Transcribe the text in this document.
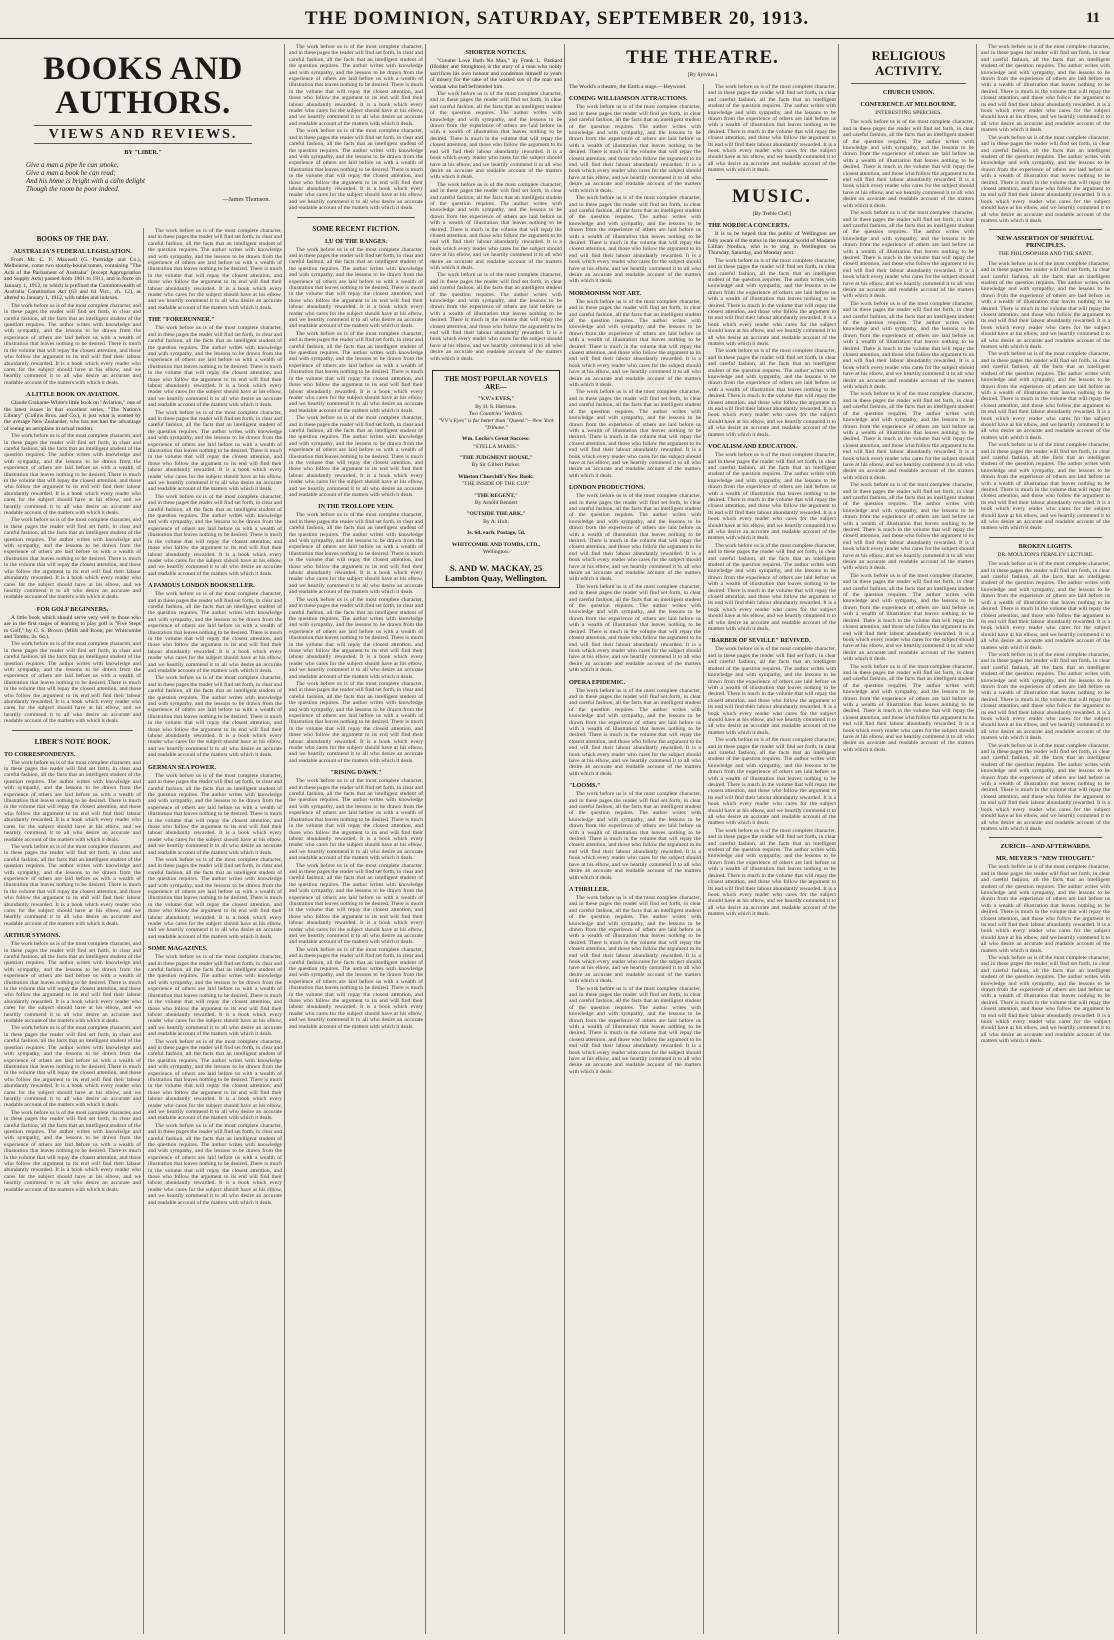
THE DOMINION, SATURDAY, SEPTEMBER 20, 1913.	11
BOOKS AND AUTHORS.
VIEWS AND REVIEWS.
BY "LIBER."
Give a man a pipe he can smoke,
Give a man a book he can read;
And his home is bright with a calm delight
Though the room be poor indeed.
—James Thomson.
BOOKS OF THE DAY.
AUSTRALIA'S FEDERAL LEGISLATION.

From Mr. C. F. Maxwell (G. Partridge and Co.), Melbourne, come two stoutly-bound tomes, containing "The Acts of the Parliament of Australia" (except Appropriation and Supply Acts) passed from 1901 to 1911, and in force on January 1, 1912, to which is prefixed the Commonwealth of Australia Constitution Act (63 and 64 Vict., ch. 12), as altered to January 1, 1912, with tables and indexes.

The work before us is of the most complete character, and in these pages the reader will find set forth, in clear and careful fashion, all the facts that an intelligent student of the question requires. The author writes with knowledge and with sympathy, and the lessons to be drawn from the experience of others are laid before us with a wealth of illustration that leaves nothing to be desired. There is much in the volume that will repay the closest attention, and those who follow the argument to its end will find their labour abundantly rewarded. It is a book which every reader who cares for the subject should have at his elbow, and we heartily commend it to all who desire an accurate and readable account of the matters with which it deals.

A LITTLE BOOK ON AVIATION.

Claude Grahame-White's little book on "Aviation," one of the latest issues in that excellent series, "The Nation's Library" (Collins Bros. and Co.), is just what is wanted by the average New Zealander, who has not had the advantage of seeing an aeroplane in actual motion.

The work before us is of the most complete character, and in these pages the reader will find set forth, in clear and careful fashion, all the facts that an intelligent student of the question requires. The author writes with knowledge and with sympathy, and the lessons to be drawn from the experience of others are laid before us with a wealth of illustration that leaves nothing to be desired. There is much in the volume that will repay the closest attention, and those who follow the argument to its end will find their labour abundantly rewarded. It is a book which every reader who cares for the subject should have at his elbow, and we heartily commend it to all who desire an accurate and readable account of the matters with which it deals.

The work before us is of the most complete character, and in these pages the reader will find set forth, in clear and careful fashion, all the facts that an intelligent student of the question requires. The author writes with knowledge and with sympathy, and the lessons to be drawn from the experience of others are laid before us with a wealth of illustration that leaves nothing to be desired. There is much in the volume that will repay the closest attention, and those who follow the argument to its end will find their labour abundantly rewarded. It is a book which every reader who cares for the subject should have at his elbow, and we heartily commend it to all who desire an accurate and readable account of the matters with which it deals.

FOR GOLF BEGINNERS.

A little book which should serve very well to those who are in the first stages of learning to play golf is "Five Steps to Golf," by G. S. Brown (Mills and Boon; per Whitcombe and Tombs, 2s. 6d.).

The work before us is of the most complete character, and in these pages the reader will find set forth, in clear and careful fashion, all the facts that an intelligent student of the question requires. The author writes with knowledge and with sympathy, and the lessons to be drawn from the experience of others are laid before us with a wealth of illustration that leaves nothing to be desired. There is much in the volume that will repay the closest attention, and those who follow the argument to its end will find their labour abundantly rewarded. It is a book which every reader who cares for the subject should have at his elbow, and we heartily commend it to all who desire an accurate and readable account of the matters with which it deals.

LIBER'S NOTE BOOK.
TO CORRESPONDENTS.

The work before us is of the most complete character, and in these pages the reader will find set forth, in clear and careful fashion, all the facts that an intelligent student of the question requires. The author writes with knowledge and with sympathy, and the lessons to be drawn from the experience of others are laid before us with a wealth of illustration that leaves nothing to be desired. There is much in the volume that will repay the closest attention, and those who follow the argument to its end will find their labour abundantly rewarded. It is a book which every reader who cares for the subject should have at his elbow, and we heartily commend it to all who desire an accurate and readable account of the matters with which it deals.

The work before us is of the most complete character, and in these pages the reader will find set forth, in clear and careful fashion, all the facts that an intelligent student of the question requires. The author writes with knowledge and with sympathy, and the lessons to be drawn from the experience of others are laid before us with a wealth of illustration that leaves nothing to be desired. There is much in the volume that will repay the closest attention, and those who follow the argument to its end will find their labour abundantly rewarded. It is a book which every reader who cares for the subject should have at his elbow, and we heartily commend it to all who desire an accurate and readable account of the matters with which it deals.

ARTHUR SYMONS.

The work before us is of the most complete character, and in these pages the reader will find set forth, in clear and careful fashion, all the facts that an intelligent student of the question requires. The author writes with knowledge and with sympathy, and the lessons to be drawn from the experience of others are laid before us with a wealth of illustration that leaves nothing to be desired. There is much in the volume that will repay the closest attention, and those who follow the argument to its end will find their labour abundantly rewarded. It is a book which every reader who cares for the subject should have at his elbow, and we heartily commend it to all who desire an accurate and readable account of the matters with which it deals.

The work before us is of the most complete character, and in these pages the reader will find set forth, in clear and careful fashion, all the facts that an intelligent student of the question requires. The author writes with knowledge and with sympathy, and the lessons to be drawn from the experience of others are laid before us with a wealth of illustration that leaves nothing to be desired. There is much in the volume that will repay the closest attention, and those who follow the argument to its end will find their labour abundantly rewarded. It is a book which every reader who cares for the subject should have at his elbow, and we heartily commend it to all who desire an accurate and readable account of the matters with which it deals.

The work before us is of the most complete character, and in these pages the reader will find set forth, in clear and careful fashion, all the facts that an intelligent student of the question requires. The author writes with knowledge and with sympathy, and the lessons to be drawn from the experience of others are laid before us with a wealth of illustration that leaves nothing to be desired. There is much in the volume that will repay the closest attention, and those who follow the argument to its end will find their labour abundantly rewarded. It is a book which every reader who cares for the subject should have at his elbow, and we heartily commend it to all who desire an accurate and readable account of the matters with which it deals.

The work before us is of the most complete character, and in these pages the reader will find set forth, in clear and careful fashion, all the facts that an intelligent student of the question requires. The author writes with knowledge and with sympathy, and the lessons to be drawn from the experience of others are laid before us with a wealth of illustration that leaves nothing to be desired. There is much in the volume that will repay the closest attention, and those who follow the argument to its end will find their labour abundantly rewarded. It is a book which every reader who cares for the subject should have at his elbow, and we heartily commend it to all who desire an accurate and readable account of the matters with which it deals.

THE "FORERUNNER."

The work before us is of the most complete character, and in these pages the reader will find set forth, in clear and careful fashion, all the facts that an intelligent student of the question requires. The author writes with knowledge and with sympathy, and the lessons to be drawn from the experience of others are laid before us with a wealth of illustration that leaves nothing to be desired. There is much in the volume that will repay the closest attention, and those who follow the argument to its end will find their labour abundantly rewarded. It is a book which every reader who cares for the subject should have at his elbow, and we heartily commend it to all who desire an accurate and readable account of the matters with which it deals.

The work before us is of the most complete character, and in these pages the reader will find set forth, in clear and careful fashion, all the facts that an intelligent student of the question requires. The author writes with knowledge and with sympathy, and the lessons to be drawn from the experience of others are laid before us with a wealth of illustration that leaves nothing to be desired. There is much in the volume that will repay the closest attention, and those who follow the argument to its end will find their labour abundantly rewarded. It is a book which every reader who cares for the subject should have at his elbow, and we heartily commend it to all who desire an accurate and readable account of the matters with which it deals.

The work before us is of the most complete character, and in these pages the reader will find set forth, in clear and careful fashion, all the facts that an intelligent student of the question requires. The author writes with knowledge and with sympathy, and the lessons to be drawn from the experience of others are laid before us with a wealth of illustration that leaves nothing to be desired. There is much in the volume that will repay the closest attention, and those who follow the argument to its end will find their labour abundantly rewarded. It is a book which every reader who cares for the subject should have at his elbow, and we heartily commend it to all who desire an accurate and readable account of the matters with which it deals.

A FAMOUS LONDON BOOKSELLER.

The work before us is of the most complete character, and in these pages the reader will find set forth, in clear and careful fashion, all the facts that an intelligent student of the question requires. The author writes with knowledge and with sympathy, and the lessons to be drawn from the experience of others are laid before us with a wealth of illustration that leaves nothing to be desired. There is much in the volume that will repay the closest attention, and those who follow the argument to its end will find their labour abundantly rewarded. It is a book which every reader who cares for the subject should have at his elbow, and we heartily commend it to all who desire an accurate and readable account of the matters with which it deals.

The work before us is of the most complete character, and in these pages the reader will find set forth, in clear and careful fashion, all the facts that an intelligent student of the question requires. The author writes with knowledge and with sympathy, and the lessons to be drawn from the experience of others are laid before us with a wealth of illustration that leaves nothing to be desired. There is much in the volume that will repay the closest attention, and those who follow the argument to its end will find their labour abundantly rewarded. It is a book which every reader who cares for the subject should have at his elbow, and we heartily commend it to all who desire an accurate and readable account of the matters with which it deals.

GERMAN SEA POWER.

The work before us is of the most complete character, and in these pages the reader will find set forth, in clear and careful fashion, all the facts that an intelligent student of the question requires. The author writes with knowledge and with sympathy, and the lessons to be drawn from the experience of others are laid before us with a wealth of illustration that leaves nothing to be desired. There is much in the volume that will repay the closest attention, and those who follow the argument to its end will find their labour abundantly rewarded. It is a book which every reader who cares for the subject should have at his elbow, and we heartily commend it to all who desire an accurate and readable account of the matters with which it deals.

The work before us is of the most complete character, and in these pages the reader will find set forth, in clear and careful fashion, all the facts that an intelligent student of the question requires. The author writes with knowledge and with sympathy, and the lessons to be drawn from the experience of others are laid before us with a wealth of illustration that leaves nothing to be desired. There is much in the volume that will repay the closest attention, and those who follow the argument to its end will find their labour abundantly rewarded. It is a book which every reader who cares for the subject should have at his elbow, and we heartily commend it to all who desire an accurate and readable account of the matters with which it deals.

SOME MAGAZINES.

The work before us is of the most complete character, and in these pages the reader will find set forth, in clear and careful fashion, all the facts that an intelligent student of the question requires. The author writes with knowledge and with sympathy, and the lessons to be drawn from the experience of others are laid before us with a wealth of illustration that leaves nothing to be desired. There is much in the volume that will repay the closest attention, and those who follow the argument to its end will find their labour abundantly rewarded. It is a book which every reader who cares for the subject should have at his elbow, and we heartily commend it to all who desire an accurate and readable account of the matters with which it deals.

The work before us is of the most complete character, and in these pages the reader will find set forth, in clear and careful fashion, all the facts that an intelligent student of the question requires. The author writes with knowledge and with sympathy, and the lessons to be drawn from the experience of others are laid before us with a wealth of illustration that leaves nothing to be desired. There is much in the volume that will repay the closest attention, and those who follow the argument to its end will find their labour abundantly rewarded. It is a book which every reader who cares for the subject should have at his elbow, and we heartily commend it to all who desire an accurate and readable account of the matters with which it deals.

The work before us is of the most complete character, and in these pages the reader will find set forth, in clear and careful fashion, all the facts that an intelligent student of the question requires. The author writes with knowledge and with sympathy, and the lessons to be drawn from the experience of others are laid before us with a wealth of illustration that leaves nothing to be desired. There is much in the volume that will repay the closest attention, and those who follow the argument to its end will find their labour abundantly rewarded. It is a book which every reader who cares for the subject should have at his elbow, and we heartily commend it to all who desire an accurate and readable account of the matters with which it deals.

The work before us is of the most complete character, and in these pages the reader will find set forth, in clear and careful fashion, all the facts that an intelligent student of the question requires. The author writes with knowledge and with sympathy, and the lessons to be drawn from the experience of others are laid before us with a wealth of illustration that leaves nothing to be desired. There is much in the volume that will repay the closest attention, and those who follow the argument to its end will find their labour abundantly rewarded. It is a book which every reader who cares for the subject should have at his elbow, and we heartily commend it to all who desire an accurate and readable account of the matters with which it deals.

The work before us is of the most complete character, and in these pages the reader will find set forth, in clear and careful fashion, all the facts that an intelligent student of the question requires. The author writes with knowledge and with sympathy, and the lessons to be drawn from the experience of others are laid before us with a wealth of illustration that leaves nothing to be desired. There is much in the volume that will repay the closest attention, and those who follow the argument to its end will find their labour abundantly rewarded. It is a book which every reader who cares for the subject should have at his elbow, and we heartily commend it to all who desire an accurate and readable account of the matters with which it deals.

SOME RECENT FICTION.
LU OF THE RANGES.

The work before us is of the most complete character, and in these pages the reader will find set forth, in clear and careful fashion, all the facts that an intelligent student of the question requires. The author writes with knowledge and with sympathy, and the lessons to be drawn from the experience of others are laid before us with a wealth of illustration that leaves nothing to be desired. There is much in the volume that will repay the closest attention, and those who follow the argument to its end will find their labour abundantly rewarded. It is a book which every reader who cares for the subject should have at his elbow, and we heartily commend it to all who desire an accurate and readable account of the matters with which it deals.

The work before us is of the most complete character, and in these pages the reader will find set forth, in clear and careful fashion, all the facts that an intelligent student of the question requires. The author writes with knowledge and with sympathy, and the lessons to be drawn from the experience of others are laid before us with a wealth of illustration that leaves nothing to be desired. There is much in the volume that will repay the closest attention, and those who follow the argument to its end will find their labour abundantly rewarded. It is a book which every reader who cares for the subject should have at his elbow, and we heartily commend it to all who desire an accurate and readable account of the matters with which it deals.

The work before us is of the most complete character, and in these pages the reader will find set forth, in clear and careful fashion, all the facts that an intelligent student of the question requires. The author writes with knowledge and with sympathy, and the lessons to be drawn from the experience of others are laid before us with a wealth of illustration that leaves nothing to be desired. There is much in the volume that will repay the closest attention, and those who follow the argument to its end will find their labour abundantly rewarded. It is a book which every reader who cares for the subject should have at his elbow, and we heartily commend it to all who desire an accurate and readable account of the matters with which it deals.

IN THE TROLLOPE VEIN.

The work before us is of the most complete character, and in these pages the reader will find set forth, in clear and careful fashion, all the facts that an intelligent student of the question requires. The author writes with knowledge and with sympathy, and the lessons to be drawn from the experience of others are laid before us with a wealth of illustration that leaves nothing to be desired. There is much in the volume that will repay the closest attention, and those who follow the argument to its end will find their labour abundantly rewarded. It is a book which every reader who cares for the subject should have at his elbow, and we heartily commend it to all who desire an accurate and readable account of the matters with which it deals.

The work before us is of the most complete character, and in these pages the reader will find set forth, in clear and careful fashion, all the facts that an intelligent student of the question requires. The author writes with knowledge and with sympathy, and the lessons to be drawn from the experience of others are laid before us with a wealth of illustration that leaves nothing to be desired. There is much in the volume that will repay the closest attention, and those who follow the argument to its end will find their labour abundantly rewarded. It is a book which every reader who cares for the subject should have at his elbow, and we heartily commend it to all who desire an accurate and readable account of the matters with which it deals.

The work before us is of the most complete character, and in these pages the reader will find set forth, in clear and careful fashion, all the facts that an intelligent student of the question requires. The author writes with knowledge and with sympathy, and the lessons to be drawn from the experience of others are laid before us with a wealth of illustration that leaves nothing to be desired. There is much in the volume that will repay the closest attention, and those who follow the argument to its end will find their labour abundantly rewarded. It is a book which every reader who cares for the subject should have at his elbow, and we heartily commend it to all who desire an accurate and readable account of the matters with which it deals.

"RISING DAWN."

The work before us is of the most complete character, and in these pages the reader will find set forth, in clear and careful fashion, all the facts that an intelligent student of the question requires. The author writes with knowledge and with sympathy, and the lessons to be drawn from the experience of others are laid before us with a wealth of illustration that leaves nothing to be desired. There is much in the volume that will repay the closest attention, and those who follow the argument to its end will find their labour abundantly rewarded. It is a book which every reader who cares for the subject should have at his elbow, and we heartily commend it to all who desire an accurate and readable account of the matters with which it deals.

The work before us is of the most complete character, and in these pages the reader will find set forth, in clear and careful fashion, all the facts that an intelligent student of the question requires. The author writes with knowledge and with sympathy, and the lessons to be drawn from the experience of others are laid before us with a wealth of illustration that leaves nothing to be desired. There is much in the volume that will repay the closest attention, and those who follow the argument to its end will find their labour abundantly rewarded. It is a book which every reader who cares for the subject should have at his elbow, and we heartily commend it to all who desire an accurate and readable account of the matters with which it deals.

The work before us is of the most complete character, and in these pages the reader will find set forth, in clear and careful fashion, all the facts that an intelligent student of the question requires. The author writes with knowledge and with sympathy, and the lessons to be drawn from the experience of others are laid before us with a wealth of illustration that leaves nothing to be desired. There is much in the volume that will repay the closest attention, and those who follow the argument to its end will find their labour abundantly rewarded. It is a book which every reader who cares for the subject should have at his elbow, and we heartily commend it to all who desire an accurate and readable account of the matters with which it deals.

SHORTER NOTICES.

"Greater Love Hath No Man," by Frank L. Packard (Hodder and Stoughton) is the story of a man who nobly sacrifices his own honour and condemns himself to years of misery for the sake of the wasted son of the man and woman who had befriended him.

The work before us is of the most complete character, and in these pages the reader will find set forth, in clear and careful fashion, all the facts that an intelligent student of the question requires. The author writes with knowledge and with sympathy, and the lessons to be drawn from the experience of others are laid before us with a wealth of illustration that leaves nothing to be desired. There is much in the volume that will repay the closest attention, and those who follow the argument to its end will find their labour abundantly rewarded. It is a book which every reader who cares for the subject should have at his elbow, and we heartily commend it to all who desire an accurate and readable account of the matters with which it deals.

The work before us is of the most complete character, and in these pages the reader will find set forth, in clear and careful fashion, all the facts that an intelligent student of the question requires. The author writes with knowledge and with sympathy, and the lessons to be drawn from the experience of others are laid before us with a wealth of illustration that leaves nothing to be desired. There is much in the volume that will repay the closest attention, and those who follow the argument to its end will find their labour abundantly rewarded. It is a book which every reader who cares for the subject should have at his elbow, and we heartily commend it to all who desire an accurate and readable account of the matters with which it deals.

The work before us is of the most complete character, and in these pages the reader will find set forth, in clear and careful fashion, all the facts that an intelligent student of the question requires. The author writes with knowledge and with sympathy, and the lessons to be drawn from the experience of others are laid before us with a wealth of illustration that leaves nothing to be desired. There is much in the volume that will repay the closest attention, and those who follow the argument to its end will find their labour abundantly rewarded. It is a book which every reader who cares for the subject should have at his elbow, and we heartily commend it to all who desire an accurate and readable account of the matters with which it deals.

THE MOST POPULAR NOVELS ARE—
"V.V.'s EYES,"
By H. S. Harrison.
Two Countries' Verdicts.
"V.V.'s Eyes" is far better than "Queed."—New York "Tribune."
Wm. Locke's Great Success:
"STELLA MARIS."
"THE JUDGMENT HOUSE,"
By Sir Gilbert Parker.
Winston Churchill's New Book:
"THE INSIDE OF THE CUP."
"THE REGENT,"
By Arnold Bennett
"OUTSIDE THE ARK,"
By A. Holt.
3s. 6d. each. Postage, 5d.
WHITCOMBE AND TOMBS, LTD.,
Wellington.
S. AND W. MACKAY, 25 Lambton Quay, Wellington.
THE THEATRE.
[By Sylvius.]

The World's a theatre, the Earth a stage.—Heywood.

COMING WILLIAMSON ATTRACTIONS.

The work before us is of the most complete character, and in these pages the reader will find set forth, in clear and careful fashion, all the facts that an intelligent student of the question requires. The author writes with knowledge and with sympathy, and the lessons to be drawn from the experience of others are laid before us with a wealth of illustration that leaves nothing to be desired. There is much in the volume that will repay the closest attention, and those who follow the argument to its end will find their labour abundantly rewarded. It is a book which every reader who cares for the subject should have at his elbow, and we heartily commend it to all who desire an accurate and readable account of the matters with which it deals.

The work before us is of the most complete character, and in these pages the reader will find set forth, in clear and careful fashion, all the facts that an intelligent student of the question requires. The author writes with knowledge and with sympathy, and the lessons to be drawn from the experience of others are laid before us with a wealth of illustration that leaves nothing to be desired. There is much in the volume that will repay the closest attention, and those who follow the argument to its end will find their labour abundantly rewarded. It is a book which every reader who cares for the subject should have at his elbow, and we heartily commend it to all who desire an accurate and readable account of the matters with which it deals.

MORMONISM NOT ART.

The work before us is of the most complete character, and in these pages the reader will find set forth, in clear and careful fashion, all the facts that an intelligent student of the question requires. The author writes with knowledge and with sympathy, and the lessons to be drawn from the experience of others are laid before us with a wealth of illustration that leaves nothing to be desired. There is much in the volume that will repay the closest attention, and those who follow the argument to its end will find their labour abundantly rewarded. It is a book which every reader who cares for the subject should have at his elbow, and we heartily commend it to all who desire an accurate and readable account of the matters with which it deals.

The work before us is of the most complete character, and in these pages the reader will find set forth, in clear and careful fashion, all the facts that an intelligent student of the question requires. The author writes with knowledge and with sympathy, and the lessons to be drawn from the experience of others are laid before us with a wealth of illustration that leaves nothing to be desired. There is much in the volume that will repay the closest attention, and those who follow the argument to its end will find their labour abundantly rewarded. It is a book which every reader who cares for the subject should have at his elbow, and we heartily commend it to all who desire an accurate and readable account of the matters with which it deals.

LONDON PRODUCTIONS.

The work before us is of the most complete character, and in these pages the reader will find set forth, in clear and careful fashion, all the facts that an intelligent student of the question requires. The author writes with knowledge and with sympathy, and the lessons to be drawn from the experience of others are laid before us with a wealth of illustration that leaves nothing to be desired. There is much in the volume that will repay the closest attention, and those who follow the argument to its end will find their labour abundantly rewarded. It is a book which every reader who cares for the subject should have at his elbow, and we heartily commend it to all who desire an accurate and readable account of the matters with which it deals.

The work before us is of the most complete character, and in these pages the reader will find set forth, in clear and careful fashion, all the facts that an intelligent student of the question requires. The author writes with knowledge and with sympathy, and the lessons to be drawn from the experience of others are laid before us with a wealth of illustration that leaves nothing to be desired. There is much in the volume that will repay the closest attention, and those who follow the argument to its end will find their labour abundantly rewarded. It is a book which every reader who cares for the subject should have at his elbow, and we heartily commend it to all who desire an accurate and readable account of the matters with which it deals.

OPERA EPIDEMIC.

The work before us is of the most complete character, and in these pages the reader will find set forth, in clear and careful fashion, all the facts that an intelligent student of the question requires. The author writes with knowledge and with sympathy, and the lessons to be drawn from the experience of others are laid before us with a wealth of illustration that leaves nothing to be desired. There is much in the volume that will repay the closest attention, and those who follow the argument to its end will find their labour abundantly rewarded. It is a book which every reader who cares for the subject should have at his elbow, and we heartily commend it to all who desire an accurate and readable account of the matters with which it deals.

"LOOMS."

The work before us is of the most complete character, and in these pages the reader will find set forth, in clear and careful fashion, all the facts that an intelligent student of the question requires. The author writes with knowledge and with sympathy, and the lessons to be drawn from the experience of others are laid before us with a wealth of illustration that leaves nothing to be desired. There is much in the volume that will repay the closest attention, and those who follow the argument to its end will find their labour abundantly rewarded. It is a book which every reader who cares for the subject should have at his elbow, and we heartily commend it to all who desire an accurate and readable account of the matters with which it deals.

A THRILLER.

The work before us is of the most complete character, and in these pages the reader will find set forth, in clear and careful fashion, all the facts that an intelligent student of the question requires. The author writes with knowledge and with sympathy, and the lessons to be drawn from the experience of others are laid before us with a wealth of illustration that leaves nothing to be desired. There is much in the volume that will repay the closest attention, and those who follow the argument to its end will find their labour abundantly rewarded. It is a book which every reader who cares for the subject should have at his elbow, and we heartily commend it to all who desire an accurate and readable account of the matters with which it deals.

The work before us is of the most complete character, and in these pages the reader will find set forth, in clear and careful fashion, all the facts that an intelligent student of the question requires. The author writes with knowledge and with sympathy, and the lessons to be drawn from the experience of others are laid before us with a wealth of illustration that leaves nothing to be desired. There is much in the volume that will repay the closest attention, and those who follow the argument to its end will find their labour abundantly rewarded. It is a book which every reader who cares for the subject should have at his elbow, and we heartily commend it to all who desire an accurate and readable account of the matters with which it deals.

The work before us is of the most complete character, and in these pages the reader will find set forth, in clear and careful fashion, all the facts that an intelligent student of the question requires. The author writes with knowledge and with sympathy, and the lessons to be drawn from the experience of others are laid before us with a wealth of illustration that leaves nothing to be desired. There is much in the volume that will repay the closest attention, and those who follow the argument to its end will find their labour abundantly rewarded. It is a book which every reader who cares for the subject should have at his elbow, and we heartily commend it to all who desire an accurate and readable account of the matters with which it deals.

MUSIC.
[By Treble Clef.]
THE NORDICA CONCERTS.

It is to be hoped that the public of Wellington are fully aware of the status in the musical world of Madame Lillian Nordica, who is to sing in Wellington on Thursday, Saturday, and Monday next.

The work before us is of the most complete character, and in these pages the reader will find set forth, in clear and careful fashion, all the facts that an intelligent student of the question requires. The author writes with knowledge and with sympathy, and the lessons to be drawn from the experience of others are laid before us with a wealth of illustration that leaves nothing to be desired. There is much in the volume that will repay the closest attention, and those who follow the argument to its end will find their labour abundantly rewarded. It is a book which every reader who cares for the subject should have at his elbow, and we heartily commend it to all who desire an accurate and readable account of the matters with which it deals.

The work before us is of the most complete character, and in these pages the reader will find set forth, in clear and careful fashion, all the facts that an intelligent student of the question requires. The author writes with knowledge and with sympathy, and the lessons to be drawn from the experience of others are laid before us with a wealth of illustration that leaves nothing to be desired. There is much in the volume that will repay the closest attention, and those who follow the argument to its end will find their labour abundantly rewarded. It is a book which every reader who cares for the subject should have at his elbow, and we heartily commend it to all who desire an accurate and readable account of the matters with which it deals.

VOCALISM AND EDUCATION.

The work before us is of the most complete character, and in these pages the reader will find set forth, in clear and careful fashion, all the facts that an intelligent student of the question requires. The author writes with knowledge and with sympathy, and the lessons to be drawn from the experience of others are laid before us with a wealth of illustration that leaves nothing to be desired. There is much in the volume that will repay the closest attention, and those who follow the argument to its end will find their labour abundantly rewarded. It is a book which every reader who cares for the subject should have at his elbow, and we heartily commend it to all who desire an accurate and readable account of the matters with which it deals.

The work before us is of the most complete character, and in these pages the reader will find set forth, in clear and careful fashion, all the facts that an intelligent student of the question requires. The author writes with knowledge and with sympathy, and the lessons to be drawn from the experience of others are laid before us with a wealth of illustration that leaves nothing to be desired. There is much in the volume that will repay the closest attention, and those who follow the argument to its end will find their labour abundantly rewarded. It is a book which every reader who cares for the subject should have at his elbow, and we heartily commend it to all who desire an accurate and readable account of the matters with which it deals.

"BARBER OF SEVILLE" REVIVED.

The work before us is of the most complete character, and in these pages the reader will find set forth, in clear and careful fashion, all the facts that an intelligent student of the question requires. The author writes with knowledge and with sympathy, and the lessons to be drawn from the experience of others are laid before us with a wealth of illustration that leaves nothing to be desired. There is much in the volume that will repay the closest attention, and those who follow the argument to its end will find their labour abundantly rewarded. It is a book which every reader who cares for the subject should have at his elbow, and we heartily commend it to all who desire an accurate and readable account of the matters with which it deals.

The work before us is of the most complete character, and in these pages the reader will find set forth, in clear and careful fashion, all the facts that an intelligent student of the question requires. The author writes with knowledge and with sympathy, and the lessons to be drawn from the experience of others are laid before us with a wealth of illustration that leaves nothing to be desired. There is much in the volume that will repay the closest attention, and those who follow the argument to its end will find their labour abundantly rewarded. It is a book which every reader who cares for the subject should have at his elbow, and we heartily commend it to all who desire an accurate and readable account of the matters with which it deals.

The work before us is of the most complete character, and in these pages the reader will find set forth, in clear and careful fashion, all the facts that an intelligent student of the question requires. The author writes with knowledge and with sympathy, and the lessons to be drawn from the experience of others are laid before us with a wealth of illustration that leaves nothing to be desired. There is much in the volume that will repay the closest attention, and those who follow the argument to its end will find their labour abundantly rewarded. It is a book which every reader who cares for the subject should have at his elbow, and we heartily commend it to all who desire an accurate and readable account of the matters with which it deals.

RELIGIOUS ACTIVITY.
CHURCH UNION.
CONFERENCE AT MELBOURNE.
INTERESTING SPEECHES.

The work before us is of the most complete character, and in these pages the reader will find set forth, in clear and careful fashion, all the facts that an intelligent student of the question requires. The author writes with knowledge and with sympathy, and the lessons to be drawn from the experience of others are laid before us with a wealth of illustration that leaves nothing to be desired. There is much in the volume that will repay the closest attention, and those who follow the argument to its end will find their labour abundantly rewarded. It is a book which every reader who cares for the subject should have at his elbow, and we heartily commend it to all who desire an accurate and readable account of the matters with which it deals.

The work before us is of the most complete character, and in these pages the reader will find set forth, in clear and careful fashion, all the facts that an intelligent student of the question requires. The author writes with knowledge and with sympathy, and the lessons to be drawn from the experience of others are laid before us with a wealth of illustration that leaves nothing to be desired. There is much in the volume that will repay the closest attention, and those who follow the argument to its end will find their labour abundantly rewarded. It is a book which every reader who cares for the subject should have at his elbow, and we heartily commend it to all who desire an accurate and readable account of the matters with which it deals.

The work before us is of the most complete character, and in these pages the reader will find set forth, in clear and careful fashion, all the facts that an intelligent student of the question requires. The author writes with knowledge and with sympathy, and the lessons to be drawn from the experience of others are laid before us with a wealth of illustration that leaves nothing to be desired. There is much in the volume that will repay the closest attention, and those who follow the argument to its end will find their labour abundantly rewarded. It is a book which every reader who cares for the subject should have at his elbow, and we heartily commend it to all who desire an accurate and readable account of the matters with which it deals.

The work before us is of the most complete character, and in these pages the reader will find set forth, in clear and careful fashion, all the facts that an intelligent student of the question requires. The author writes with knowledge and with sympathy, and the lessons to be drawn from the experience of others are laid before us with a wealth of illustration that leaves nothing to be desired. There is much in the volume that will repay the closest attention, and those who follow the argument to its end will find their labour abundantly rewarded. It is a book which every reader who cares for the subject should have at his elbow, and we heartily commend it to all who desire an accurate and readable account of the matters with which it deals.

The work before us is of the most complete character, and in these pages the reader will find set forth, in clear and careful fashion, all the facts that an intelligent student of the question requires. The author writes with knowledge and with sympathy, and the lessons to be drawn from the experience of others are laid before us with a wealth of illustration that leaves nothing to be desired. There is much in the volume that will repay the closest attention, and those who follow the argument to its end will find their labour abundantly rewarded. It is a book which every reader who cares for the subject should have at his elbow, and we heartily commend it to all who desire an accurate and readable account of the matters with which it deals.

The work before us is of the most complete character, and in these pages the reader will find set forth, in clear and careful fashion, all the facts that an intelligent student of the question requires. The author writes with knowledge and with sympathy, and the lessons to be drawn from the experience of others are laid before us with a wealth of illustration that leaves nothing to be desired. There is much in the volume that will repay the closest attention, and those who follow the argument to its end will find their labour abundantly rewarded. It is a book which every reader who cares for the subject should have at his elbow, and we heartily commend it to all who desire an accurate and readable account of the matters with which it deals.

The work before us is of the most complete character, and in these pages the reader will find set forth, in clear and careful fashion, all the facts that an intelligent student of the question requires. The author writes with knowledge and with sympathy, and the lessons to be drawn from the experience of others are laid before us with a wealth of illustration that leaves nothing to be desired. There is much in the volume that will repay the closest attention, and those who follow the argument to its end will find their labour abundantly rewarded. It is a book which every reader who cares for the subject should have at his elbow, and we heartily commend it to all who desire an accurate and readable account of the matters with which it deals.

The work before us is of the most complete character, and in these pages the reader will find set forth, in clear and careful fashion, all the facts that an intelligent student of the question requires. The author writes with knowledge and with sympathy, and the lessons to be drawn from the experience of others are laid before us with a wealth of illustration that leaves nothing to be desired. There is much in the volume that will repay the closest attention, and those who follow the argument to its end will find their labour abundantly rewarded. It is a book which every reader who cares for the subject should have at his elbow, and we heartily commend it to all who desire an accurate and readable account of the matters with which it deals.

The work before us is of the most complete character, and in these pages the reader will find set forth, in clear and careful fashion, all the facts that an intelligent student of the question requires. The author writes with knowledge and with sympathy, and the lessons to be drawn from the experience of others are laid before us with a wealth of illustration that leaves nothing to be desired. There is much in the volume that will repay the closest attention, and those who follow the argument to its end will find their labour abundantly rewarded. It is a book which every reader who cares for the subject should have at his elbow, and we heartily commend it to all who desire an accurate and readable account of the matters with which it deals.

NEW ASSERTION OF SPIRITUAL PRINCIPLES.
THE PHILOSOPHER AND THE SAINT.

The work before us is of the most complete character, and in these pages the reader will find set forth, in clear and careful fashion, all the facts that an intelligent student of the question requires. The author writes with knowledge and with sympathy, and the lessons to be drawn from the experience of others are laid before us with a wealth of illustration that leaves nothing to be desired. There is much in the volume that will repay the closest attention, and those who follow the argument to its end will find their labour abundantly rewarded. It is a book which every reader who cares for the subject should have at his elbow, and we heartily commend it to all who desire an accurate and readable account of the matters with which it deals.

The work before us is of the most complete character, and in these pages the reader will find set forth, in clear and careful fashion, all the facts that an intelligent student of the question requires. The author writes with knowledge and with sympathy, and the lessons to be drawn from the experience of others are laid before us with a wealth of illustration that leaves nothing to be desired. There is much in the volume that will repay the closest attention, and those who follow the argument to its end will find their labour abundantly rewarded. It is a book which every reader who cares for the subject should have at his elbow, and we heartily commend it to all who desire an accurate and readable account of the matters with which it deals.

The work before us is of the most complete character, and in these pages the reader will find set forth, in clear and careful fashion, all the facts that an intelligent student of the question requires. The author writes with knowledge and with sympathy, and the lessons to be drawn from the experience of others are laid before us with a wealth of illustration that leaves nothing to be desired. There is much in the volume that will repay the closest attention, and those who follow the argument to its end will find their labour abundantly rewarded. It is a book which every reader who cares for the subject should have at his elbow, and we heartily commend it to all who desire an accurate and readable account of the matters with which it deals.

BROKEN LIGHTS.
DR. MOULTON'S FERNLEY LECTURE.

The work before us is of the most complete character, and in these pages the reader will find set forth, in clear and careful fashion, all the facts that an intelligent student of the question requires. The author writes with knowledge and with sympathy, and the lessons to be drawn from the experience of others are laid before us with a wealth of illustration that leaves nothing to be desired. There is much in the volume that will repay the closest attention, and those who follow the argument to its end will find their labour abundantly rewarded. It is a book which every reader who cares for the subject should have at his elbow, and we heartily commend it to all who desire an accurate and readable account of the matters with which it deals.

The work before us is of the most complete character, and in these pages the reader will find set forth, in clear and careful fashion, all the facts that an intelligent student of the question requires. The author writes with knowledge and with sympathy, and the lessons to be drawn from the experience of others are laid before us with a wealth of illustration that leaves nothing to be desired. There is much in the volume that will repay the closest attention, and those who follow the argument to its end will find their labour abundantly rewarded. It is a book which every reader who cares for the subject should have at his elbow, and we heartily commend it to all who desire an accurate and readable account of the matters with which it deals.

The work before us is of the most complete character, and in these pages the reader will find set forth, in clear and careful fashion, all the facts that an intelligent student of the question requires. The author writes with knowledge and with sympathy, and the lessons to be drawn from the experience of others are laid before us with a wealth of illustration that leaves nothing to be desired. There is much in the volume that will repay the closest attention, and those who follow the argument to its end will find their labour abundantly rewarded. It is a book which every reader who cares for the subject should have at his elbow, and we heartily commend it to all who desire an accurate and readable account of the matters with which it deals.

ZURICH—AND AFTERWARDS.
MR. MEYER'S "NEW THOUGHT."

The work before us is of the most complete character, and in these pages the reader will find set forth, in clear and careful fashion, all the facts that an intelligent student of the question requires. The author writes with knowledge and with sympathy, and the lessons to be drawn from the experience of others are laid before us with a wealth of illustration that leaves nothing to be desired. There is much in the volume that will repay the closest attention, and those who follow the argument to its end will find their labour abundantly rewarded. It is a book which every reader who cares for the subject should have at his elbow, and we heartily commend it to all who desire an accurate and readable account of the matters with which it deals.

The work before us is of the most complete character, and in these pages the reader will find set forth, in clear and careful fashion, all the facts that an intelligent student of the question requires. The author writes with knowledge and with sympathy, and the lessons to be drawn from the experience of others are laid before us with a wealth of illustration that leaves nothing to be desired. There is much in the volume that will repay the closest attention, and those who follow the argument to its end will find their labour abundantly rewarded. It is a book which every reader who cares for the subject should have at his elbow, and we heartily commend it to all who desire an accurate and readable account of the matters with which it deals.
